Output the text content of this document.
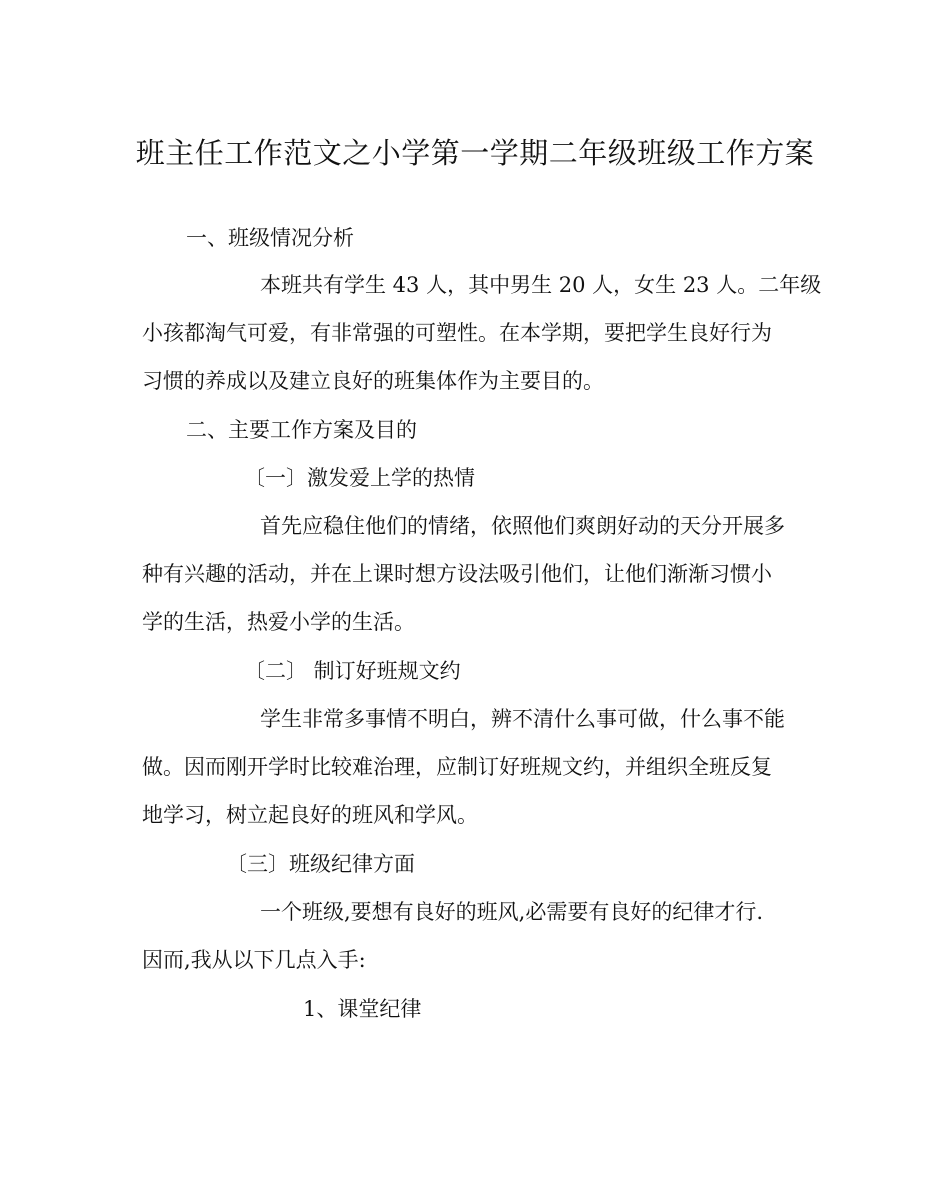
班主任工作范文之小学第一学期二年级班级工作方案
一、班级情况分析
本班共有学生 43 人，其中男生 20 人，女生 23 人。二年级
小孩都淘气可爱，有非常强的可塑性。在本学期，要把学生良好行为
习惯的养成以及建立良好的班集体作为主要目的。
二、主要工作方案及目的
〔一〕激发爱上学的热情
首先应稳住他们的情绪，依照他们爽朗好动的天分开展多
种有兴趣的活动，并在上课时想方设法吸引他们，让他们渐渐习惯小
学的生活，热爱小学的生活。
〔二〕 制订好班规文约
学生非常多事情不明白，辨不清什么事可做，什么事不能
做。因而刚开学时比较难治理，应制订好班规文约，并组织全班反复
地学习，树立起良好的班风和学风。
〔三〕班级纪律方面
一个班级,要想有良好的班风,必需要有良好的纪律才行.
因而,我从以下几点入手:
1、课堂纪律
